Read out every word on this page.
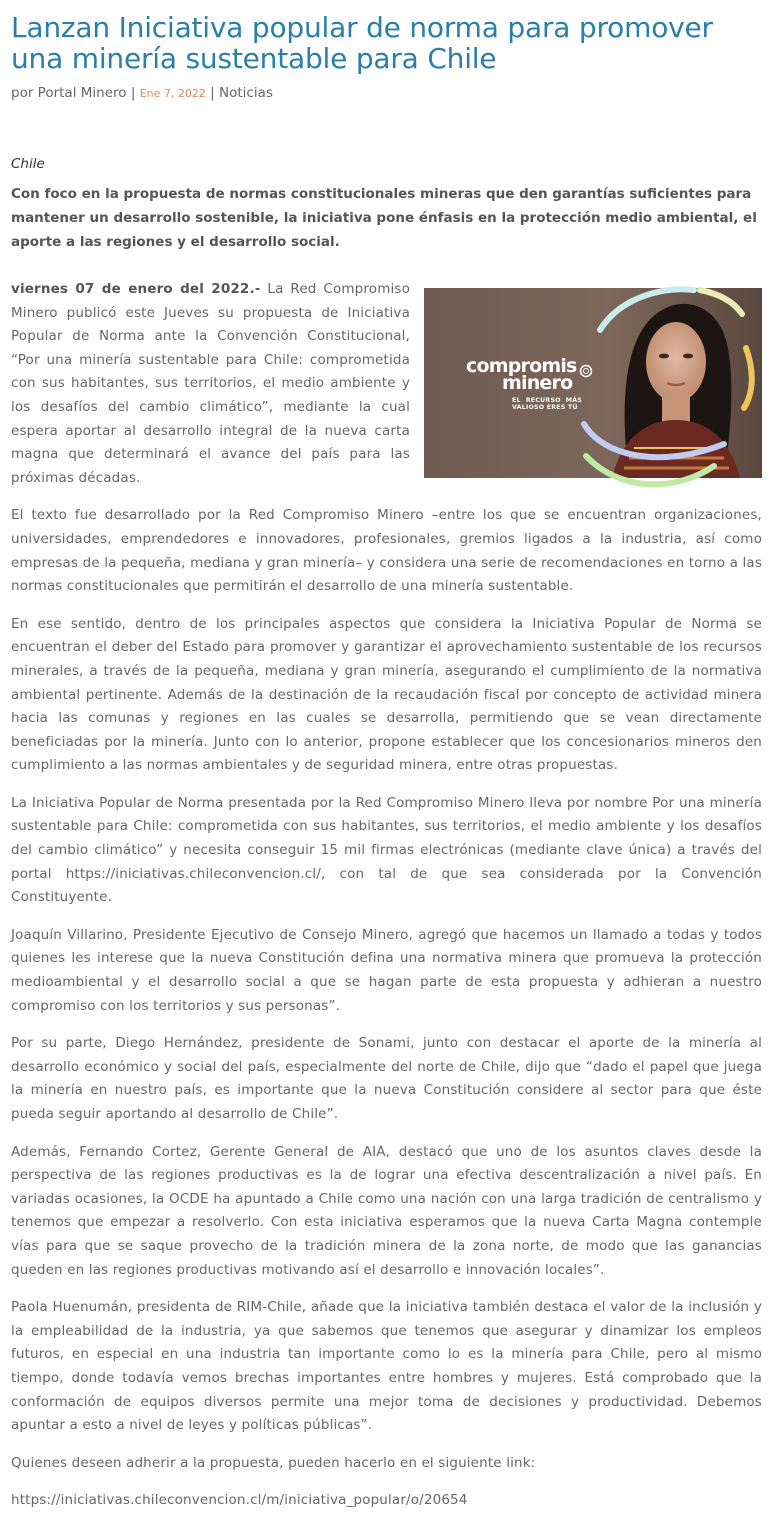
Lanzan Iniciativa popular de norma para promover una minería sustentable para Chile
por Portal Minero | Ene 7, 2022 | Noticias
Chile
Con foco en la propuesta de normas constitucionales mineras que den garantías suficientes para mantener un desarrollo sostenible, la iniciativa pone énfasis en la protección medio ambiental, el aporte a las regiones y el desarrollo social.
compromis
minero
EL RECURSO MÁS VALIOSO ERES TÚ

viernes 07 de enero del 2022.- La Red Compromiso Minero publicó este Jueves su propuesta de Iniciativa Popular de Norma ante la Convención Constitucional, “Por una minería sustentable para Chile: comprometida con sus habitantes, sus territorios, el medio ambiente y los desafíos del cambio climático”, mediante la cual espera aportar al desarrollo integral de la nueva carta magna que determinará el avance del país para las próximas décadas.

El texto fue desarrollado por la Red Compromiso Minero –entre los que se encuentran organizaciones, universidades, emprendedores e innovadores, profesionales, gremios ligados a la industria, así como empresas de la pequeña, mediana y gran minería– y considera una serie de recomendaciones en torno a las normas constitucionales que permitirán el desarrollo de una minería sustentable.

En ese sentido, dentro de los principales aspectos que considera la Iniciativa Popular de Norma se encuentran el deber del Estado para promover y garantizar el aprovechamiento sustentable de los recursos minerales, a través de la pequeña, mediana y gran minería, asegurando el cumplimiento de la normativa ambiental pertinente. Además de la destinación de la recaudación fiscal por concepto de actividad minera hacia las comunas y regiones en las cuales se desarrolla, permitiendo que se vean directamente beneficiadas por la minería. Junto con lo anterior, propone establecer que los concesionarios mineros den cumplimiento a las normas ambientales y de seguridad minera, entre otras propuestas.

La Iniciativa Popular de Norma presentada por la Red Compromiso Minero lleva por nombre Por una minería sustentable para Chile: comprometida con sus habitantes, sus territorios, el medio ambiente y los desafíos del cambio climático” y necesita conseguir 15 mil firmas electrónicas (mediante clave única) a través del portal https://iniciativas.chileconvencion.cl/, con tal de que sea considerada por la Convención Constituyente.

Joaquín Villarino, Presidente Ejecutivo de Consejo Minero, agregó que hacemos un llamado a todas y todos quienes les interese que la nueva Constitución defina una normativa minera que promueva la protección medioambiental y el desarrollo social a que se hagan parte de esta propuesta y adhieran a nuestro compromiso con los territorios y sus personas”.

Por su parte, Diego Hernández, presidente de Sonami, junto con destacar el aporte de la minería al desarrollo económico y social del país, especialmente del norte de Chile, dijo que “dado el papel que juega la minería en nuestro país, es importante que la nueva Constitución considere al sector para que éste pueda seguir aportando al desarrollo de Chile”.

Además, Fernando Cortez, Gerente General de AIA, destacó que uno de los asuntos claves desde la perspectiva de las regiones productivas es la de lograr una efectiva descentralización a nivel país. En variadas ocasiones, la OCDE ha apuntado a Chile como una nación con una larga tradición de centralismo y tenemos que empezar a resolverlo. Con esta iniciativa esperamos que la nueva Carta Magna contemple vías para que se saque provecho de la tradición minera de la zona norte, de modo que las ganancias queden en las regiones productivas motivando así el desarrollo e innovación locales”.

Paola Huenumán, presidenta de RIM-Chile, añade que la iniciativa también destaca el valor de la inclusión y la empleabilidad de la industria, ya que sabemos que tenemos que asegurar y dinamizar los empleos futuros, en especial en una industria tan importante como lo es la minería para Chile, pero al mismo tiempo, donde todavía vemos brechas importantes entre hombres y mujeres. Está comprobado que la conformación de equipos diversos permite una mejor toma de decisiones y productividad. Debemos apuntar a esto a nivel de leyes y políticas públicas”.

Quienes deseen adherir a la propuesta, pueden hacerlo en el siguiente link:

https://iniciativas.chileconvencion.cl/m/iniciativa_popular/o/20654
